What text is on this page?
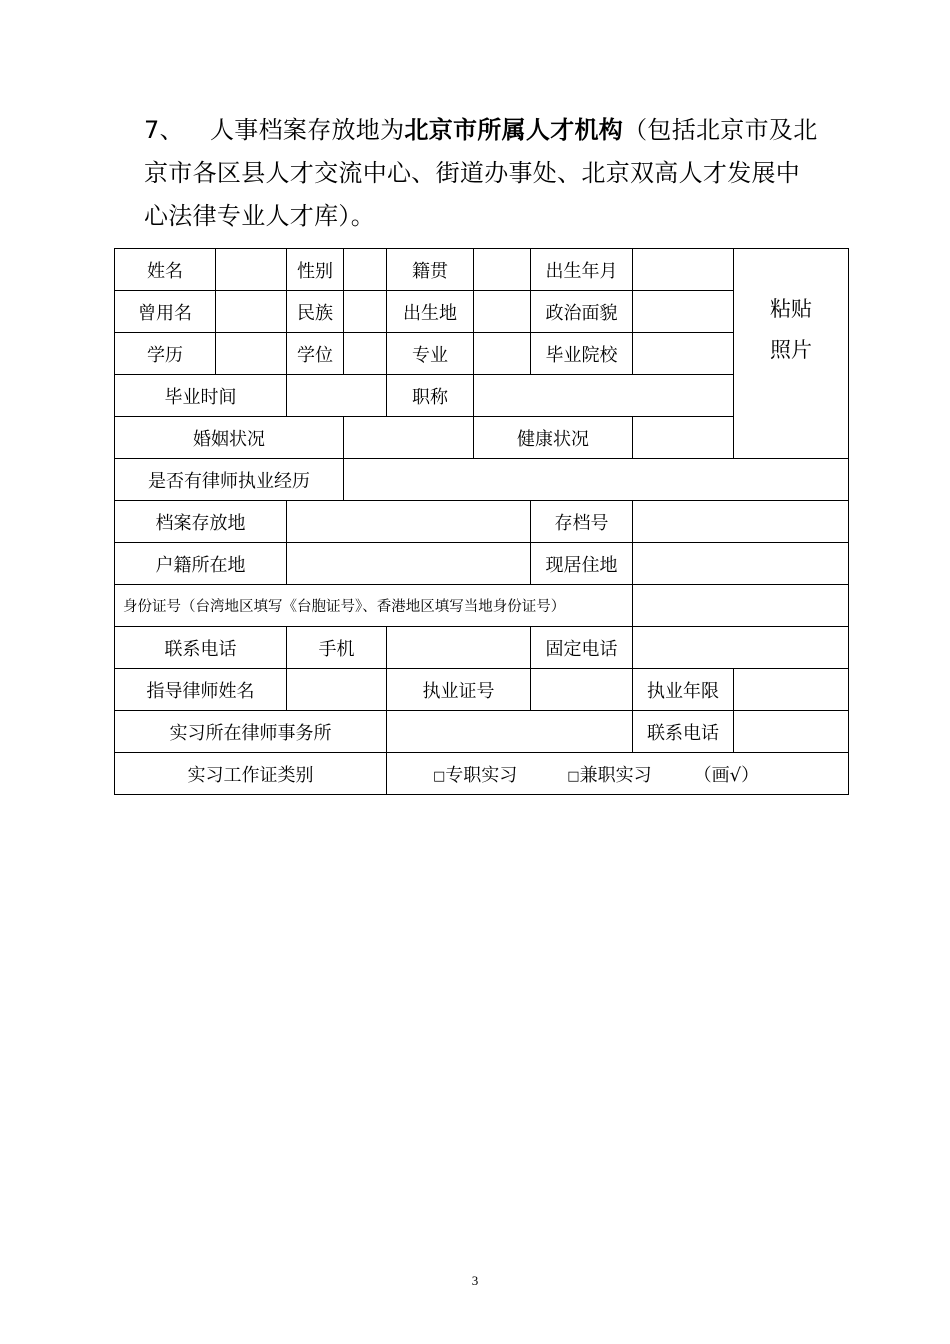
7、 人事档案存放地为北京市所属人才机构（包括北京市及北京市各区县人才交流中心、街道办事处、北京双高人才发展中心法律专业人才库）。
姓名		性别		籍贯		出生年月		粘贴
照片

曾用名		民族		出生地		政治面貌		
学历		学位		专业		毕业院校		
毕业时间				职称				
婚姻状况					健康状况			
是否有律师执业经历								
档案存放地						存档号		
户籍所在地						现居住地		
身份证号（台湾地区填写《台胞证号》、香港地区填写当地身份证号）								
联系电话		手机				固定电话		
指导律师姓名				执业证号			执业年限	
实习所在律师事务所							联系电话	
实习工作证类别				□专职实习 □兼职实习 （画√）				
3
